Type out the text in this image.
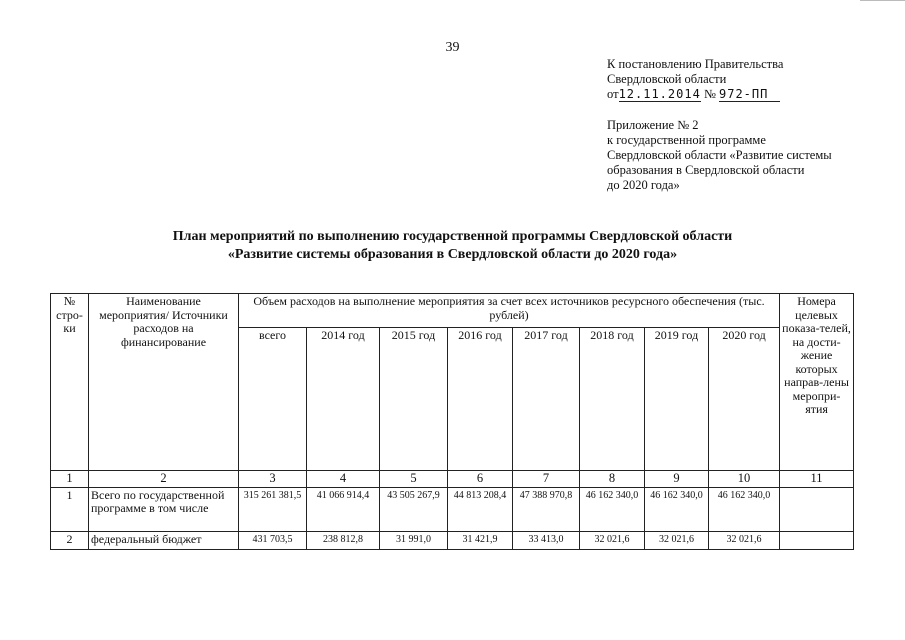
39
К постановлению Правительства
Свердловской области
от12.11.2014 № 972-ПП
Приложение № 2
к государственной программе
Свердловской области «Развитие системы
образования в Свердловской области
до 2020 года»
План мероприятий по выполнению государственной программы Свердловской области
«Развитие системы образования в Свердловской области до 2020 года»
№ стро-ки	Наименование мероприятия/ Источники расходов на финансирование	Объем расходов на выполнение мероприятия за счет всех источников ресурсного обеспечения (тыс. рублей)								Номера целевых показа-телей, на дости-жение которых направ-лены меропри-ятия
		всего	2014 год	2015 год	2016 год	2017 год	2018 год	2019 год	2020 год	
1	2	3	4	5	6	7	8	9	10	11
1	Всего по государственной программе в том числе	315 261 381,5	41 066 914,4	43 505 267,9	44 813 208,4	47 388 970,8	46 162 340,0	46 162 340,0	46 162 340,0	
2	федеральный бюджет	431 703,5	238 812,8	31 991,0	31 421,9	33 413,0	32 021,6	32 021,6	32 021,6	
